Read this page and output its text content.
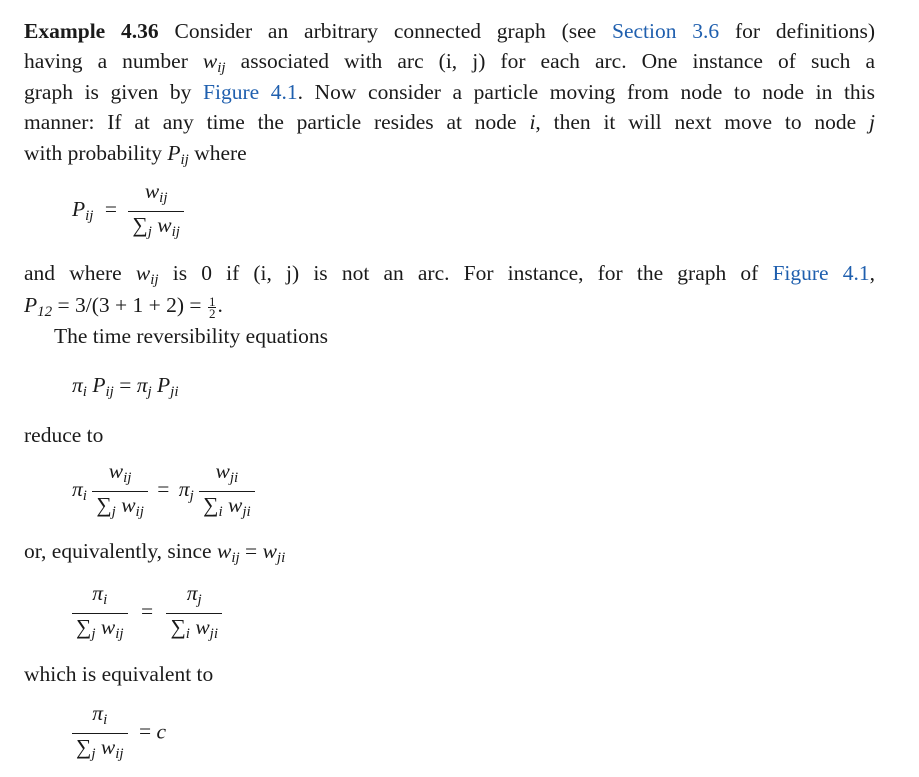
Example 4.36 Consider an arbitrary connected graph (see Section 3.6 for definitions)
having a number $w_{ij}$ associated with arc (i, j) for each arc. One instance of such a
graph is given by Figure 4.1. Now consider a particle moving from node to node in this
manner: If at any time the particle resides at node i, then it will next move to node j
with probability $P_{ij}$ where
$P_{ij} = \frac{w_{ij}}{\sum_j w_{ij}}$
and where $w_{ij}$ is 0 if (i, j) is not an arc. For instance, for the graph of Figure 4.1,
$P_{12} = 3/(3 + 1 + 2) = \frac{1}{2}$ .
The time reversibility equations
$\pi_i$ $P_{ij} = \pi_j$ $P_{ji}$
reduce to
$\pi_i \frac{w_{ij}}{\sum_j w_{ij}} = \pi_j \frac{w_{ji}}{\sum_i w_{ji}}$
or, equivalently, since $w_{ij} = w_{ji}$
$\frac{\pi_i}{\sum_j w_{ij}} = \frac{\pi_j}{\sum_i w_{ji}}$
which is equivalent to
$\frac{\pi_i}{\sum_j w_{ij}} = c$
